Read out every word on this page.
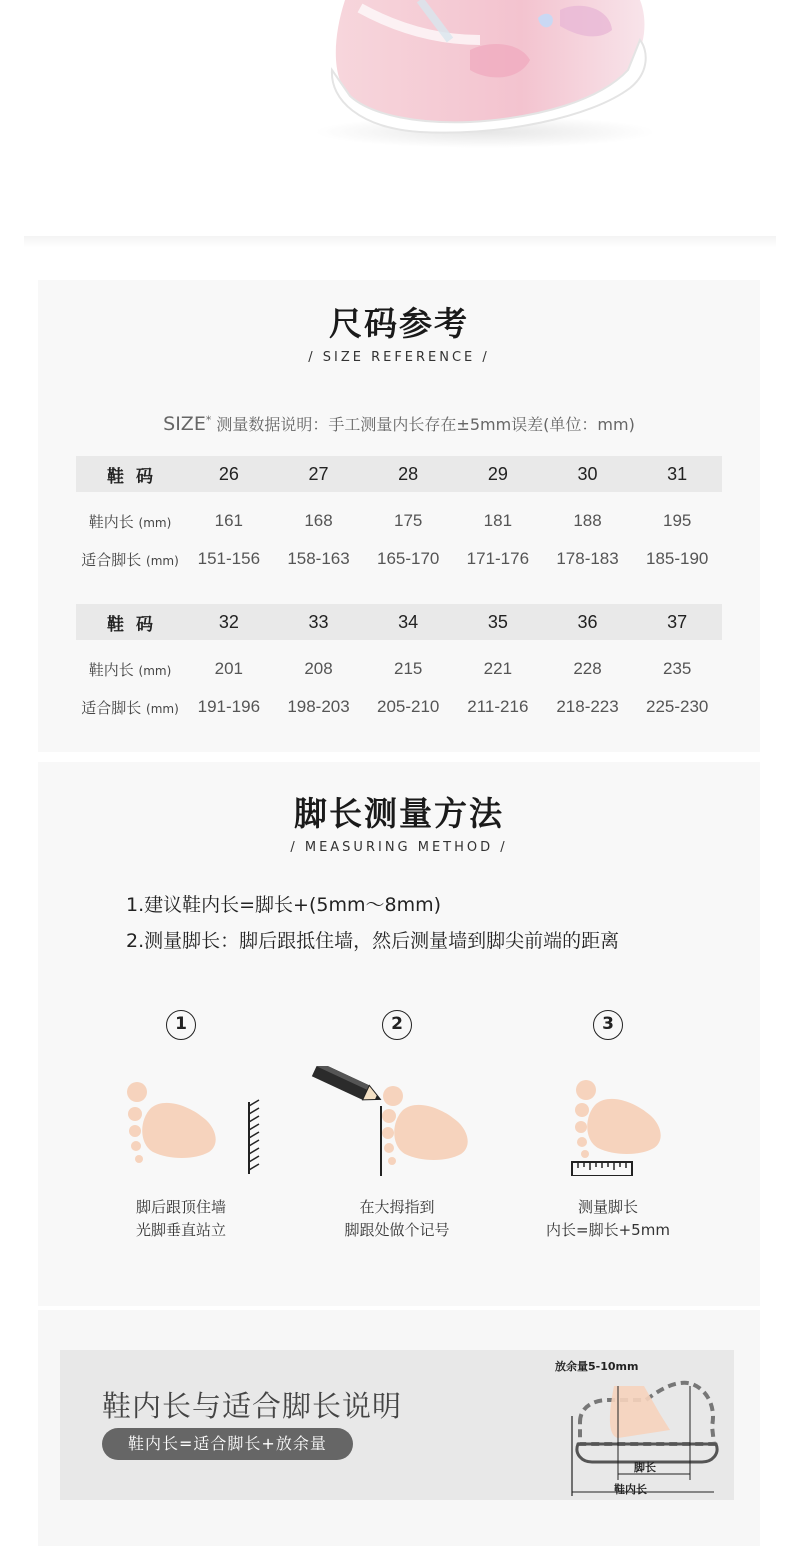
尺码参考
/ SIZE REFERENCE /
SIZE* 测量数据说明：手工测量内长存在±5mm误差(单位：mm)
鞋码	26	27	28	29	30	31
鞋内长 (mm)	161	168	175	181	188	195
适合脚长 (mm)	151-156	158-163	165-170	171-176	178-183	185-190
鞋码	32	33	34	35	36	37
鞋内长 (mm)	201	208	215	221	228	235
适合脚长 (mm)	191-196	198-203	205-210	211-216	218-223	225-230
脚长测量方法
/ MEASURING METHOD /
1.建议鞋内长=脚长+(5mm～8mm)
2.测量脚长：脚后跟抵住墙，然后测量墙到脚尖前端的距离
1
脚后跟顶住墙
光脚垂直站立
2
在大拇指到
脚跟处做个记号
3
测量脚长
内长=脚长+5mm
鞋内长与适合脚长说明
鞋内长=适合脚长+放余量
放余量5-10mm
脚长
鞋内长
